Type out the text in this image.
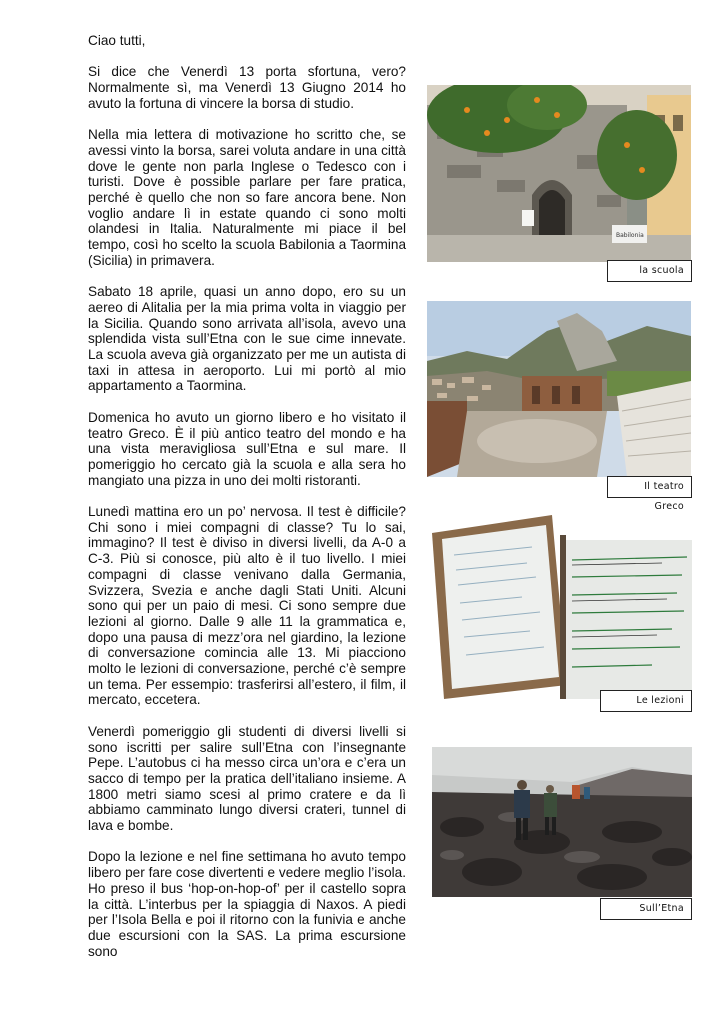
Ciao tutti,

Si dice che Venerdì 13 porta sfortuna, vero? Normalmente sì, ma Venerdì 13 Giugno 2014 ho avuto la fortuna di vincere la borsa di studio.

Nella mia lettera di motivazione ho scritto che, se avessi vinto la borsa, sarei voluta andare in una città dove le gente non parla Inglese o Tedesco con i turisti. Dove è possible parlare per fare pratica, perché è quello che non so fare ancora bene. Non voglio andare lì in estate quando ci sono molti olandesi in Italia. Naturalmente mi piace il bel tempo, così ho scelto la scuola Babilonia a Taormina (Sicilia) in primavera.

Sabato 18 aprile, quasi un anno dopo, ero su un aereo di Alitalia per la mia prima volta in viaggio per la Sicilia. Quando sono arrivata all’isola, avevo una splendida vista sull’Etna con le sue cime innevate. La scuola aveva già organizzato per me un autista di taxi in attesa in aeroporto. Lui mi portò al mio appartamento a Taormina.

Domenica ho avuto un giorno libero e ho visitato il teatro Greco. È il più antico teatro del mondo e ha una vista meravigliosa sull’Etna e sul mare. Il pomeriggio ho cercato già la scuola e alla sera ho mangiato una pizza in uno dei molti ristoranti.

Lunedì mattina ero un po’ nervosa. Il test è difficile? Chi sono i miei compagni di classe? Tu lo sai, immagino? Il test è diviso in diversi livelli, da A-0 a C-3. Più si conosce, più alto è il tuo livello. I miei compagni di classe venivano dalla Germania, Svizzera, Svezia e anche dagli Stati Uniti. Alcuni sono qui per un paio di mesi. Ci sono sempre due lezioni al giorno. Dalle 9 alle 11 la grammatica e, dopo una pausa di mezz’ora nel giardino, la lezione di conversazione comincia alle 13. Mi piacciono molto le lezioni di conversazione, perché c’è sempre un tema. Per essempio: trasferirsi all’estero, il film, il mercato, eccetera.

Venerdì pomeriggio gli studenti di diversi livelli si sono iscritti per salire sull’Etna con l’insegnante Pepe. L’autobus ci ha messo circa un’ora e c’era un sacco di tempo per la pratica dell’italiano insieme. A 1800 metri siamo scesi al primo cratere e da lì abbiamo camminato lungo diversi crateri, tunnel di lava e bombe.

Dopo la lezione e nel fine settimana ho avuto tempo libero per fare cose divertenti e vedere meglio l’isola. Ho preso il bus ‘hop-on-hop-of’ per il castello sopra la città. L’interbus per la spiaggia di Naxos. A piedi per l’Isola Bella e poi il ritorno con la funivia e anche due escursioni con la SAS. La prima escursione sono

Babilonia
la scuola
Il teatro Greco
Le lezioni
Sull’Etna
